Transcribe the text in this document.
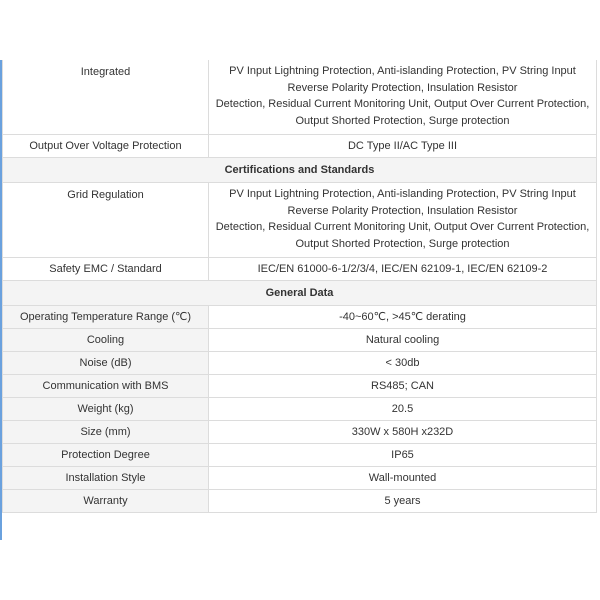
Integrated	PV Input Lightning Protection, Anti-islanding Protection, PV String Input
Reverse Polarity Protection, Insulation Resistor
Detection, Residual Current Monitoring Unit, Output Over Current Protection,
Output Shorted Protection, Surge protection

Output Over Voltage Protection	DC Type II/AC Type III
Certifications and Standards	
Grid Regulation	PV Input Lightning Protection, Anti-islanding Protection, PV String Input
Reverse Polarity Protection, Insulation Resistor
Detection, Residual Current Monitoring Unit, Output Over Current Protection,
Output Shorted Protection, Surge protection

Safety EMC / Standard	IEC/EN 61000-6-1/2/3/4, IEC/EN 62109-1, IEC/EN 62109-2
General Data	
Operating Temperature Range (℃)	-40~60℃, >45℃ derating
Cooling	Natural cooling
Noise (dB)	< 30db
Communication with BMS	RS485; CAN
Weight (kg)	20.5
Size (mm)	330W x 580H x232D
Protection Degree	IP65
Installation Style	Wall-mounted
Warranty	5 years
